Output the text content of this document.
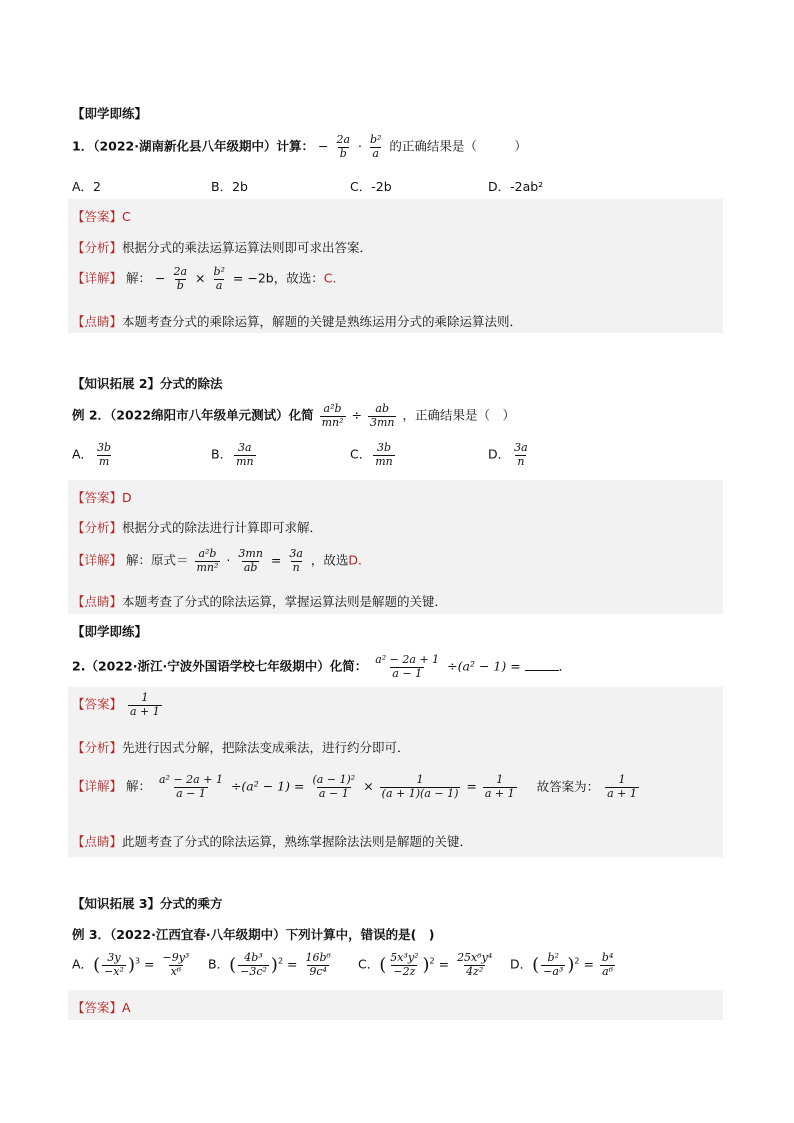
【即学即练】
1．（2022·湖南新化县八年级期中）计算： − $\frac{2a}{b} \cdot \frac{\text{b²}}{a}$ 的正确结果是（　　　）
A．2	B．2b	C．-2b	D．-2ab²
【答案】C
【分析】根据分式的乘法运算运算法则即可求出答案．
【详解】 解： − $\frac{2a}{b} \times \frac{\text{b²}}{a} = -2b$，故选：C.
【点睛】本题考查分式的乘除运算，解题的关键是熟练运用分式的乘除运算法则．
【知识拓展 2】分式的除法
例 2．（2022绵阳市八年级单元测试）化简 $\frac{\text{a²b}}{\text{mn²}} \div \frac{ab}{3mn}$ ，正确结果是（　）
A． $\frac{3b}{m}$	B． $\frac{3a}{mn}$	C． $\frac{3b}{mn}$	D． $\frac{3a}{n}$
【答案】D
【分析】根据分式的除法进行计算即可求解．
【详解】 解：原式＝ $\frac{\text{a²b}}{\text{mn²}} \cdot \frac{3mn}{ab} = \frac{3a}{n}$ ，故选D.
【点睛】本题考查了分式的除法运算，掌握运算法则是解题的关键．
【即学即练】
2.（2022·浙江·宁波外国语学校七年级期中）化简： $\frac{\text{a² − 2a + 1}}{a - 1} \div(a^2 - 1)$ =	．
【答案】 $\frac{1}{a + 1}$
【分析】先进行因式分解，把除法变成乘法，进行约分即可．
【详解】 解： $\frac{\text{a² − 2a + 1}}{a - 1} \div(a^2 - 1) = \frac{\text{(a − 1)²}}{a - 1} \times \frac{1}{(a + 1)(a - 1)} = \frac{1}{a + 1}$ 故答案为： $\frac{1}{a + 1}$
【点睛】此题考查了分式的除法运算，熟练掌握除法法则是解题的关键．
【知识拓展 3】分式的乘方
例 3．（2022·江西宜春·八年级期中）下列计算中，错误的是(　)
A．( $\frac{3y}{\text{−x²}} )^3 = \frac{\text{−9y³}}{\text{x⁶}}$ B．( $\frac{\text{4b³}}{\text{−3c²}} )^2 = \frac{\text{16b⁶}}{\text{9c⁴}}$ C．( $\frac{\text{5x³y²}}{-2z} )^2 = \frac{\text{25x⁶y⁴}}{\text{4z²}}$ D．( $\frac{\text{b²}}{\text{−a³}} )^2 = \frac{\text{b⁴}}{\text{a⁶}}$
【答案】A
